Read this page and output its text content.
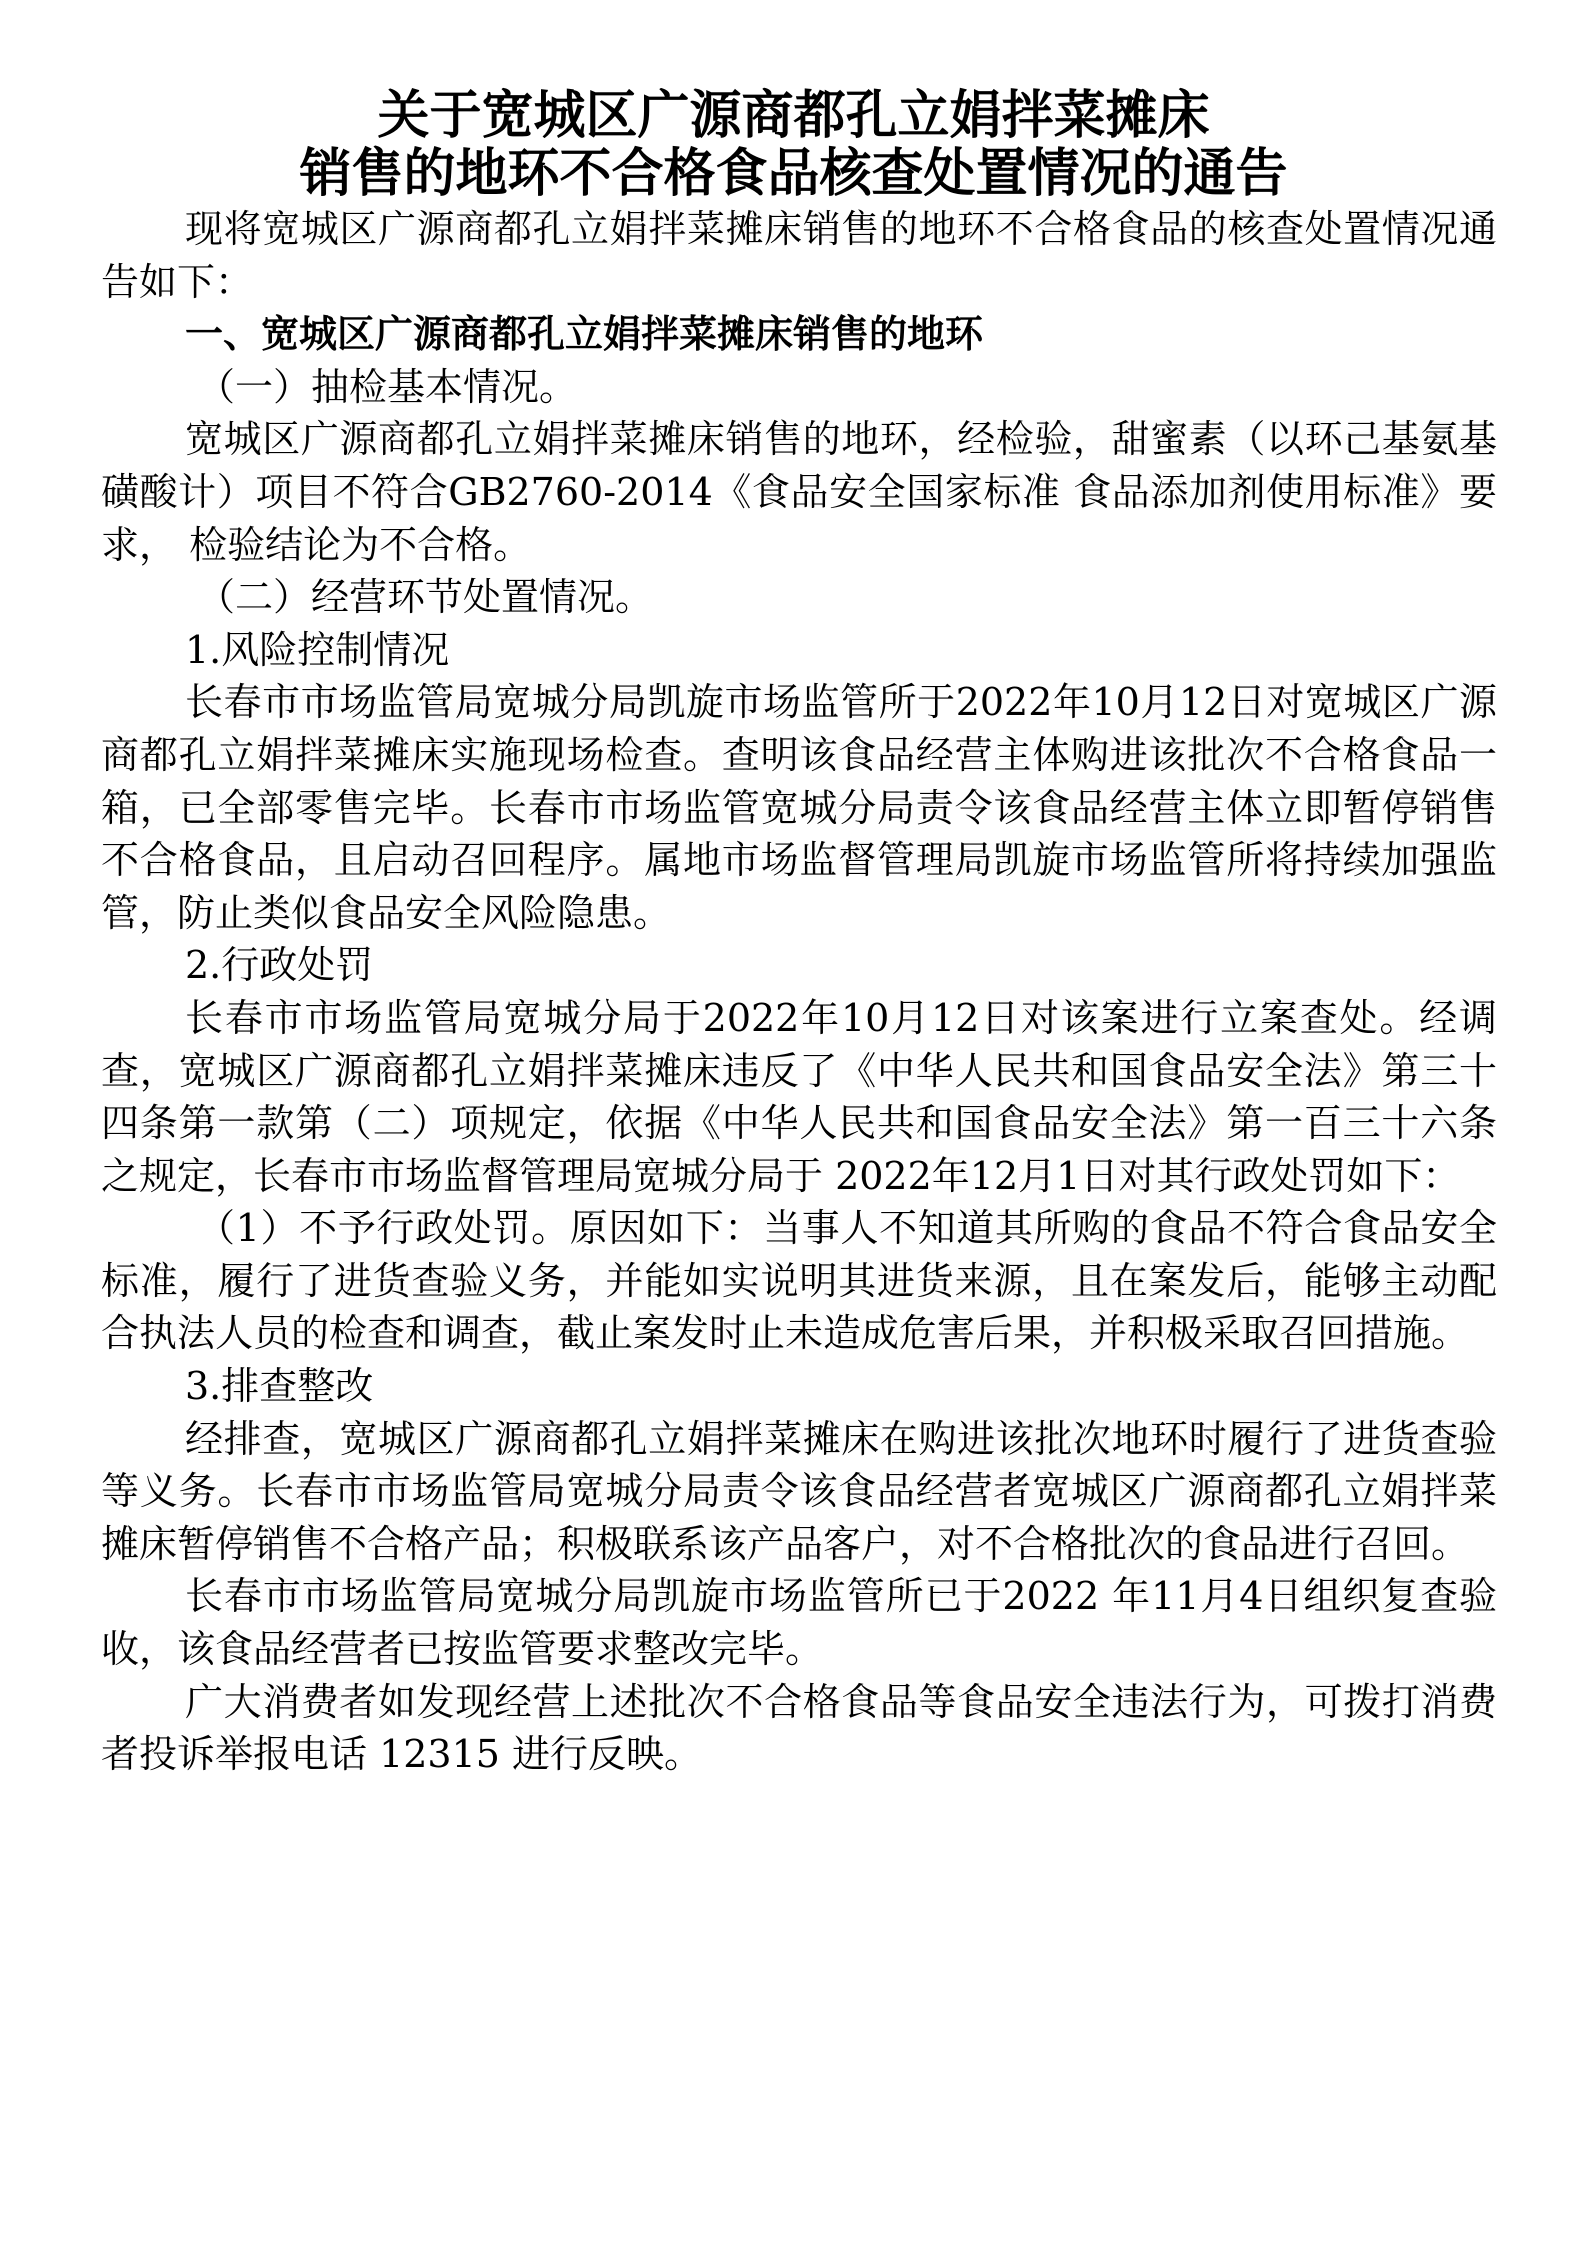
关于宽城区广源商都孔立娟拌菜摊床
销售的地环不合格食品核查处置情况的通告

现将宽城区广源商都孔立娟拌菜摊床销售的地环不合格食品的核查处置情况通告如下：

一、宽城区广源商都孔立娟拌菜摊床销售的地环

（一）抽检基本情况。

宽城区广源商都孔立娟拌菜摊床销售的地环，经检验，甜蜜素（以环己基氨基磺酸计）项目不符合GB2760-2014《食品安全国家标准 食品添加剂使用标准》要求， 检验结论为不合格。

（二）经营环节处置情况。

1.风险控制情况

长春市市场监管局宽城分局凯旋市场监管所于2022年10月12日对宽城区广源商都孔立娟拌菜摊床实施现场检查。查明该食品经营主体购进该批次不合格食品一箱，已全部零售完毕。长春市市场监管宽城分局责令该食品经营主体立即暂停销售不合格食品，且启动召回程序。属地市场监督管理局凯旋市场监管所将持续加强监管，防止类似食品安全风险隐患。

2.行政处罚

长春市市场监管局宽城分局于2022年10月12日对该案进行立案查处。经调查，宽城区广源商都孔立娟拌菜摊床违反了《中华人民共和国食品安全法》第三十四条第一款第（二）项规定，依据《中华人民共和国食品安全法》第一百三十六条之规定，长春市市场监督管理局宽城分局于 2022年12月1日对其行政处罚如下：

（1）不予行政处罚。原因如下：当事人不知道其所购的食品不符合食品安全标准，履行了进货查验义务，并能如实说明其进货来源，且在案发后，能够主动配合执法人员的检查和调查，截止案发时止未造成危害后果，并积极采取召回措施。

3.排查整改

经排查，宽城区广源商都孔立娟拌菜摊床在购进该批次地环时履行了进货查验等义务。长春市市场监管局宽城分局责令该食品经营者宽城区广源商都孔立娟拌菜摊床暂停销售不合格产品；积极联系该产品客户，对不合格批次的食品进行召回。

长春市市场监管局宽城分局凯旋市场监管所已于2022 年11月4日组织复查验收，该食品经营者已按监管要求整改完毕。

广大消费者如发现经营上述批次不合格食品等食品安全违法行为，可拨打消费者投诉举报电话 12315 进行反映。
